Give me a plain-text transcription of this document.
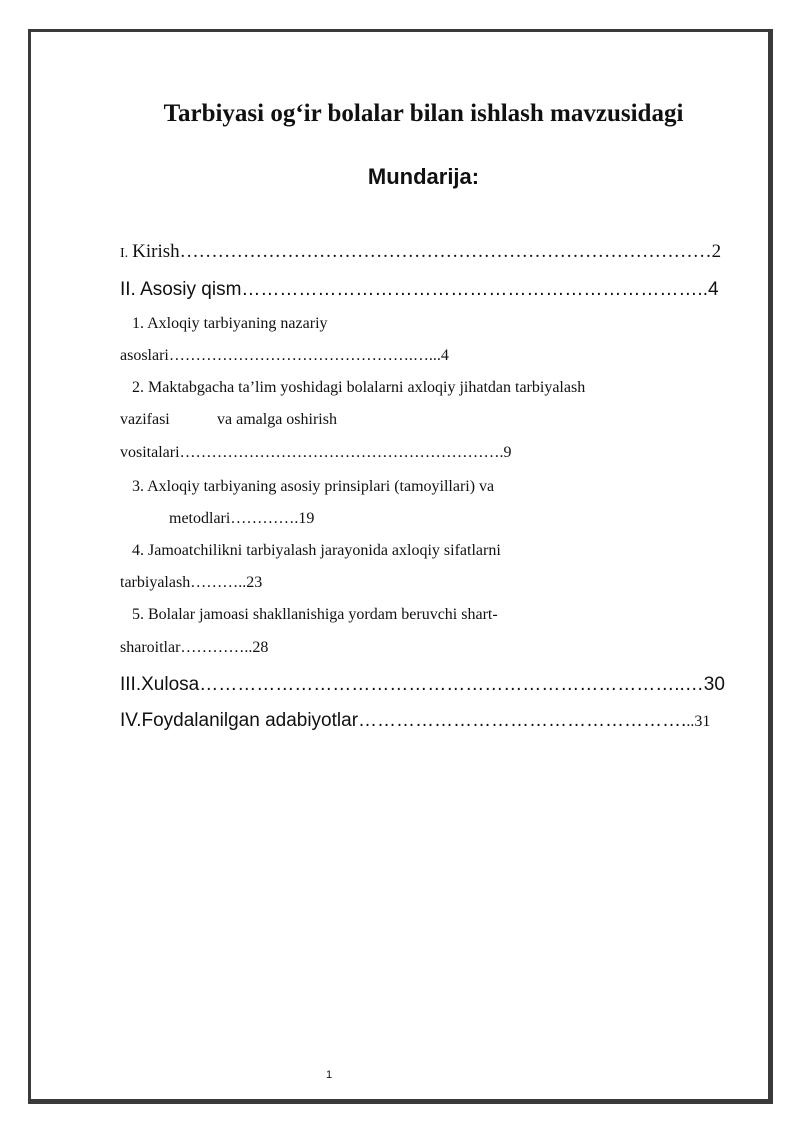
Tarbiyasi og‘ir bolalar bilan ishlash mavzusidagi
Mundarija:
I. Kirish…………………………………………………………………………2
II. Asosiy qism………………………………………………………………..4
1. Axloqiy tarbiyaning nazariy
asoslari……………………………………….…...4
2. Maktabgacha ta’lim yoshidagi bolalarni axloqiy jihatdan tarbiyalash
vazifasi	va amalga oshirish
vositalari…………………………………………………….9
3. Axloqiy tarbiyaning asosiy prinsiplari (tamoyillari) va
metodlari………….19
4. Jamoatchilikni tarbiyalash jarayonida axloqiy sifatlarni
tarbiyalash………..23
5. Bolalar jamoasi shakllanishiga yordam beruvchi shart-
sharoitlar…………..28
III.Xulosa…………………………………………………………………..…30
IV.Foydalanilgan adabiyotlar……………………………………………...31
1
